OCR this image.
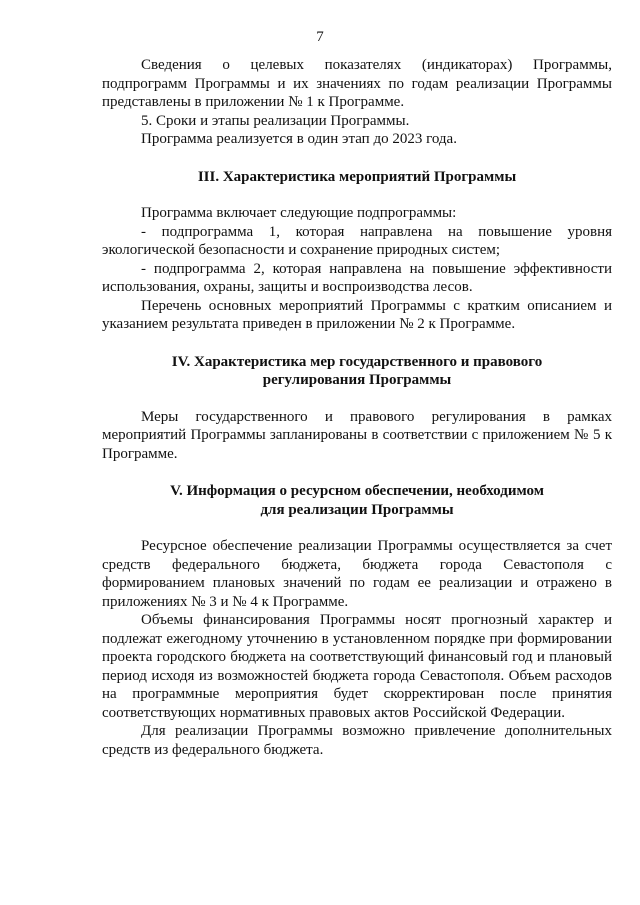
7

Сведения о целевых показателях (индикаторах) Программы, подпрограмм Программы и их значениях по годам реализации Программы представлены в приложении № 1 к Программе.

5. Сроки и этапы реализации Программы.

Программа реализуется в один этап до 2023 года.

III. Характеристика мероприятий Программы

Программа включает следующие подпрограммы:

- подпрограмма 1, которая направлена на повышение уровня экологической безопасности и сохранение природных систем;

- подпрограмма 2, которая направлена на повышение эффективности использования, охраны, защиты и воспроизводства лесов.

Перечень основных мероприятий Программы с кратким описанием и указанием результата приведен в приложении № 2 к Программе.

IV. Характеристика мер государственного и правового
регулирования Программы

Меры государственного и правового регулирования в рамках мероприятий Программы запланированы в соответствии с приложением № 5 к Программе.

V. Информация о ресурсном обеспечении, необходимом
для реализации Программы

Ресурсное обеспечение реализации Программы осуществляется за счет средств федерального бюджета, бюджета города Севастополя с формированием плановых значений по годам ее реализации и отражено в приложениях № 3 и № 4 к Программе.

Объемы финансирования Программы носят прогнозный характер и подлежат ежегодному уточнению в установленном порядке при формировании проекта городского бюджета на соответствующий финансовый год и плановый период исходя из возможностей бюджета города Севастополя. Объем расходов на программные мероприятия будет скорректирован после принятия соответствующих нормативных правовых актов Российской Федерации.

Для реализации Программы возможно привлечение дополнительных средств из федерального бюджета.
